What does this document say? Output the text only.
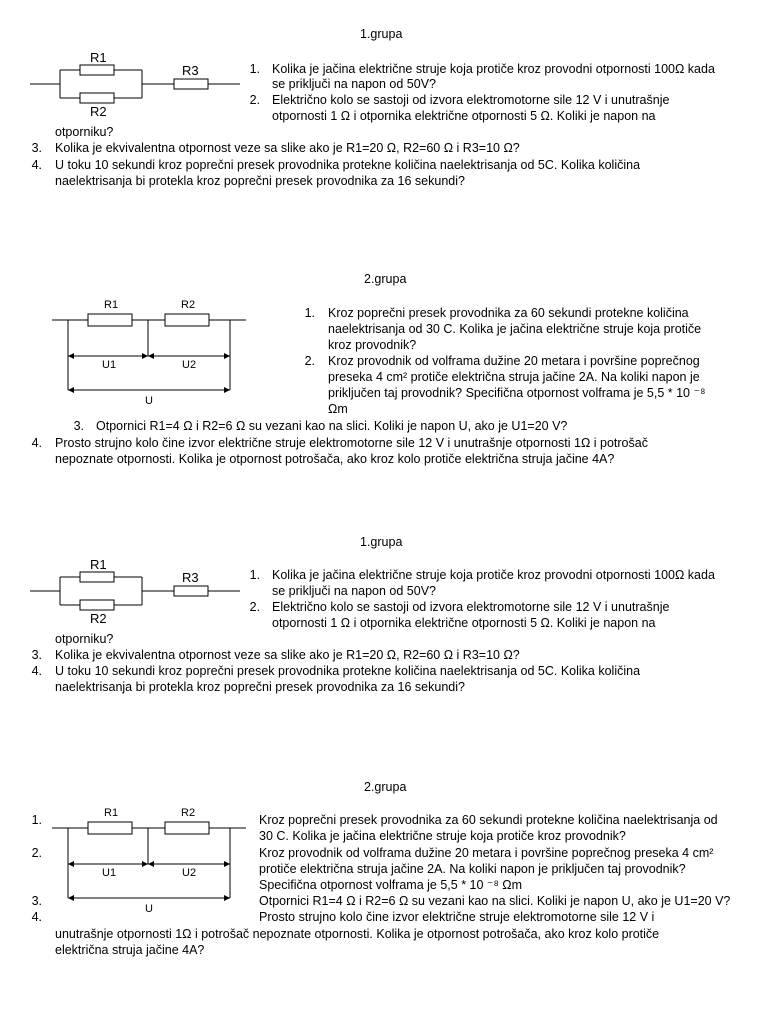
1.grupa
R1
R2
R3	1. Kolika je jačina električne struje koja protiče kroz provodni otpornosti 100Ω kada
se priključi na napon od 50V?
2. Električno kolo se sastoji od izvora elektromotorne sile 12 V i unutrašnje
otpornosti 1 Ω i otpornika električne otpornosti 5 Ω. Koliki je napon na
otporniku?
3. Kolika je ekvivalentna otpornost veze sa slike ako je R1=20 Ω, R2=60 Ω i R3=10 Ω?
4. U toku 10 sekundi kroz poprečni presek provodnika protekne količina naelektrisanja od 5C. Kolika količina
naelektrisanja bi protekla kroz poprečni presek provodnika za 16 sekundi?
2.grupa
R1	R2
U1	U2
U
1. Kroz poprečni presek provodnika za 60 sekundi protekne količina
naelektrisanja od 30 C. Kolika je jačina električne struje koja protiče
kroz provodnik?
2. Kroz provodnik od volframa dužine 20 metara i površine poprečnog
preseka 4 cm² protiče električna struja jačine 2A. Na koliki napon je
priključen taj provodnik? Specifična otpornost volframa je 5,5 * 10 ⁻⁸
Ωm
3. Otpornici R1=4 Ω i R2=6 Ω su vezani kao na slici. Koliki je napon U, ako je U1=20 V?
4. Prosto strujno kolo čine izvor električne struje elektromotorne sile 12 V i unutrašnje otpornosti 1Ω i potrošač
nepoznate otpornosti. Kolika je otpornost potrošača, ako kroz kolo protiče električna struja jačine 4A?
1.grupa
R1
R2
R3	1. Kolika je jačina električne struje koja protiče kroz provodni otpornosti 100Ω kada
se priključi na napon od 50V?
2. Električno kolo se sastoji od izvora elektromotorne sile 12 V i unutrašnje
otpornosti 1 Ω i otpornika električne otpornosti 5 Ω. Koliki je napon na
otporniku?
3. Kolika je ekvivalentna otpornost veze sa slike ako je R1=20 Ω, R2=60 Ω i R3=10 Ω?
4. U toku 10 sekundi kroz poprečni presek provodnika protekne količina naelektrisanja od 5C. Kolika količina
naelektrisanja bi protekla kroz poprečni presek provodnika za 16 sekundi?
2.grupa
R1	R2
U1	U2
U
1.	Kroz poprečni presek provodnika za 60 sekundi protekne količina naelektrisanja od
30 C. Kolika je jačina električne struje koja protiče kroz provodnik?
2.	Kroz provodnik od volframa dužine 20 metara i površine poprečnog preseka 4 cm²
protiče električna struja jačine 2A. Na koliki napon je priključen taj provodnik?
Specifična otpornost volframa je 5,5 * 10 ⁻⁸ Ωm
3.	Otpornici R1=4 Ω i R2=6 Ω su vezani kao na slici. Koliki je napon U, ako je U1=20 V?
4.	Prosto strujno kolo čine izvor električne struje elektromotorne sile 12 V i
unutrašnje otpornosti 1Ω i potrošač nepoznate otpornosti. Kolika je otpornost potrošača, ako kroz kolo protiče
električna struja jačine 4A?
